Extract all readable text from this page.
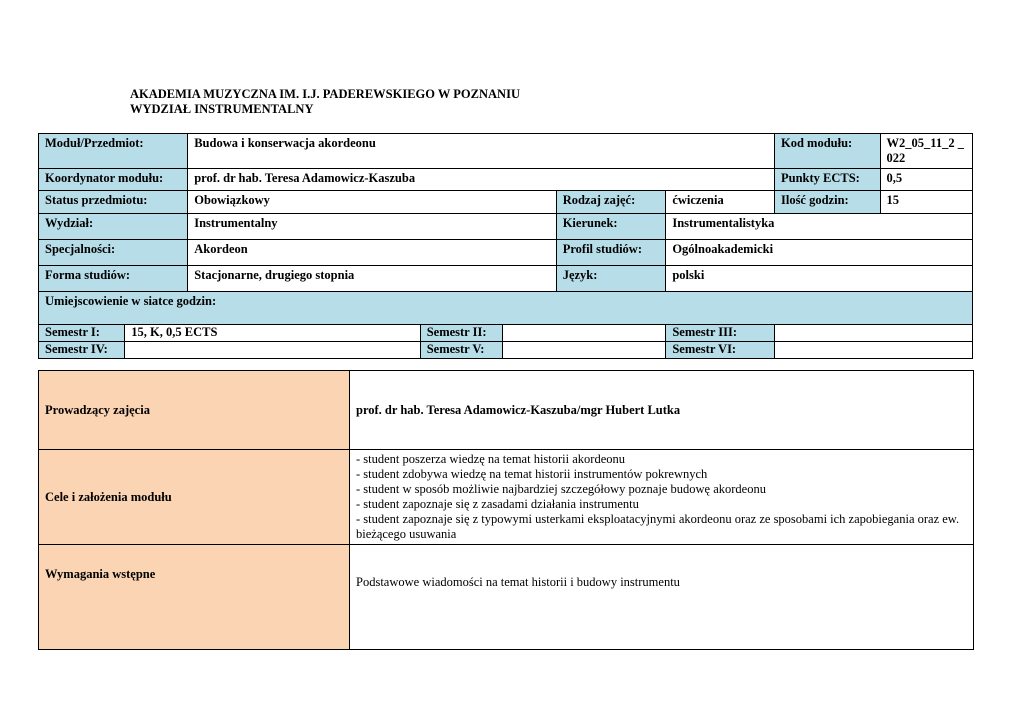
AKADEMIA MUZYCZNA IM. I.J. PADEREWSKIEGO W POZNANIU
WYDZIAŁ INSTRUMENTALNY
Moduł/Przedmiot:		Budowa i konserwacja akordeonu					Kod modułu:	W2_05_11_2 _022
Koordynator modułu:		prof. dr hab. Teresa Adamowicz-Kaszuba					Punkty ECTS:	0,5
Status przedmiotu:		Obowiązkowy			Rodzaj zajęć:	ćwiczenia	Ilość godzin:	15
Wydział:		Instrumentalny			Kierunek:	Instrumentalistyka		
Specjalności:		Akordeon			Profil studiów:	Ogólnoakademicki		
Forma studiów:		Stacjonarne, drugiego stopnia			Język:	polski		
Umiejscowienie w siatce godzin:								
Semestr I:	15, K, 0,5 ECTS		Semestr II:			Semestr III:		
Semestr IV:			Semestr V:			Semestr VI:		
Prowadzący zajęcia	prof. dr hab. Teresa Adamowicz-Kaszuba/mgr Hubert Lutka
Cele i założenia modułu	- student poszerza wiedzę na temat historii akordeonu
- student zdobywa wiedzę na temat historii instrumentów pokrewnych
- student w sposób możliwie najbardziej szczegółowy poznaje budowę akordeonu
- student zapoznaje się z zasadami działania instrumentu
- student zapoznaje się z typowymi usterkami eksploatacyjnymi akordeonu oraz ze sposobami ich zapobiegania oraz ew. bieżącego usuwania

Wymagania wstępne	Podstawowe wiadomości na temat historii i budowy instrumentu
